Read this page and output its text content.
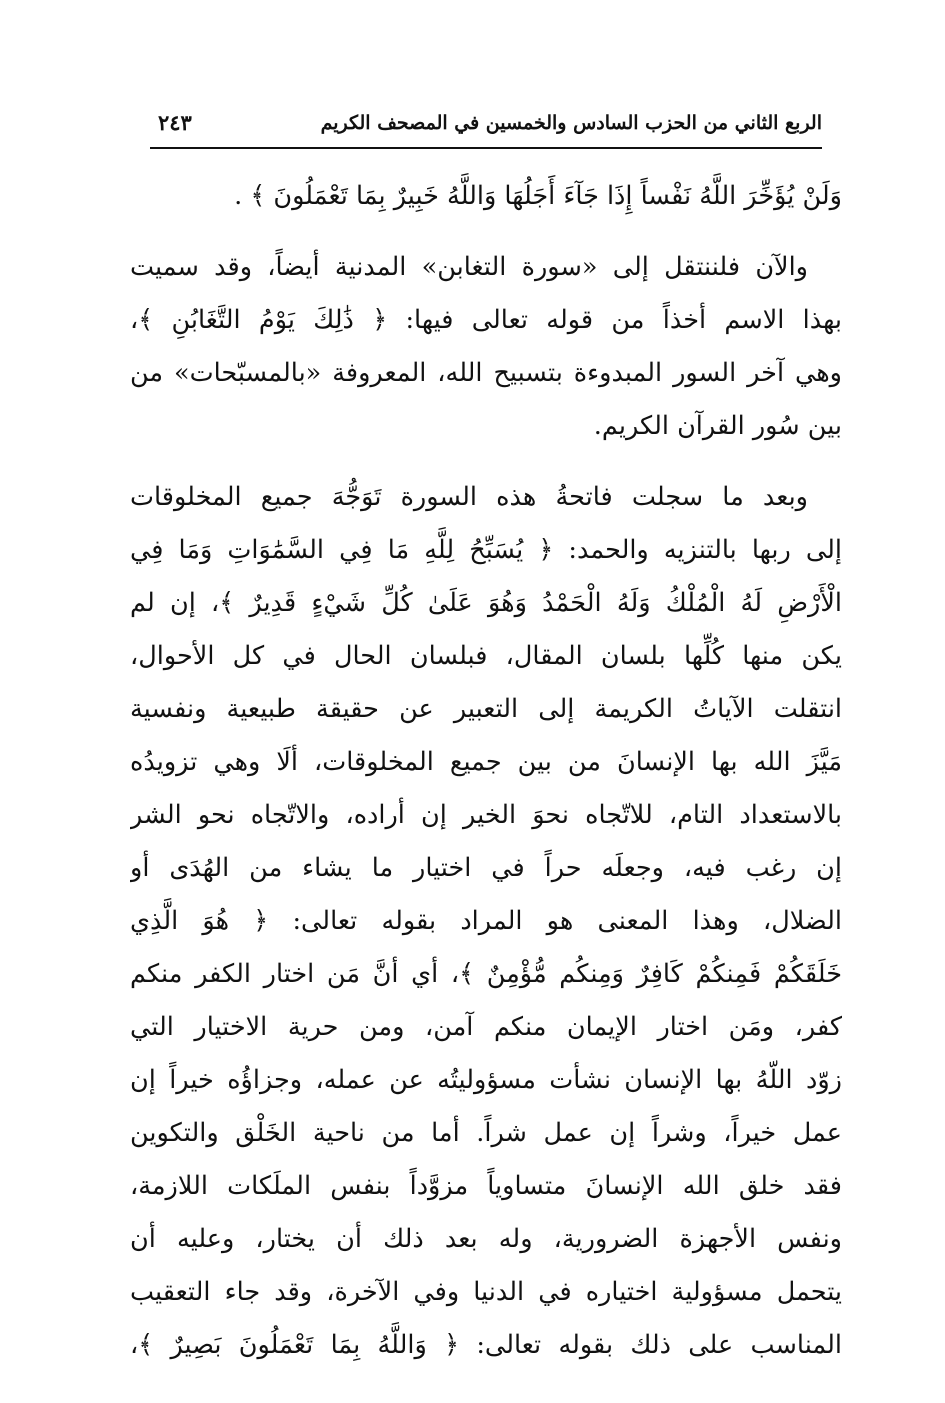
الربع الثاني من الحزب السادس والخمسين في المصحف الكريم
٢٤٣
وَلَنْ يُؤَخِّرَ اللَّهُ نَفْساً إِذَا جَآءَ أَجَلُهَا وَاللَّهُ خَبِيرٌ بِمَا تَعْمَلُونَ ﴾ .
والآن فلننتقل إلى «سورة التغابن» المدنية أيضاً، وقد سميت
بهذا الاسم أخذاً من قوله تعالى فيها: ﴿ ذَٰلِكَ يَوْمُ التَّغَابُنِ ﴾،
وهي آخر السور المبدوءة بتسبيح الله، المعروفة «بالمسبّحات» من
بين سُور القرآن الكريم.
وبعد ما سجلت فاتحةُ هذه السورة تَوَجُّهَ جميع المخلوقات
إلى ربها بالتنزيه والحمد: ﴿ يُسَبِّحُ لِلَّهِ مَا فِي السَّمَٰوَاتِ وَمَا فِي
الْأَرْضِ لَهُ الْمُلْكُ وَلَهُ الْحَمْدُ وَهُوَ عَلَىٰ كُلِّ شَيْءٍ قَدِيرٌ ﴾، إن لم
يكن منها كُلِّها بلسان المقال، فبلسان الحال في كل الأحوال،
انتقلت الآياتُ الكريمة إلى التعبير عن حقيقة طبيعية ونفسية
مَيَّزَ الله بها الإنسانَ من بين جميع المخلوقات، ألَا وهي تزويدُه
بالاستعداد التام، للاتّجاه نحوَ الخير إن أراده، والاتّجاه نحو الشر
إن رغب فيه، وجعلَه حراً في اختيار ما يشاء من الهُدَى أو
الضلال، وهذا المعنى هو المراد بقوله تعالى: ﴿ هُوَ الَّذِي
خَلَقَكُمْ فَمِنكُمْ كَافِرٌ وَمِنكُم مُّؤْمِنٌ ﴾، أي أنَّ مَن اختار الكفر منكم
كفر، ومَن اختار الإيمان منكم آمن، ومن حرية الاختيار التي
زوّد اللّهُ بها الإنسان نشأت مسؤوليتُه عن عمله، وجزاؤُه خيراً إن
عمل خيراً، وشراً إن عمل شراً. أما من ناحية الخَلْق والتكوين
فقد خلق الله الإنسانَ متساوياً مزوَّداً بنفس الملَكات اللازمة،
ونفس الأجهزة الضرورية، وله بعد ذلك أن يختار، وعليه أن
يتحمل مسؤولية اختياره في الدنيا وفي الآخرة، وقد جاء التعقيب
المناسب على ذلك بقوله تعالى: ﴿ وَاللَّهُ بِمَا تَعْمَلُونَ بَصِيرٌ ﴾،
